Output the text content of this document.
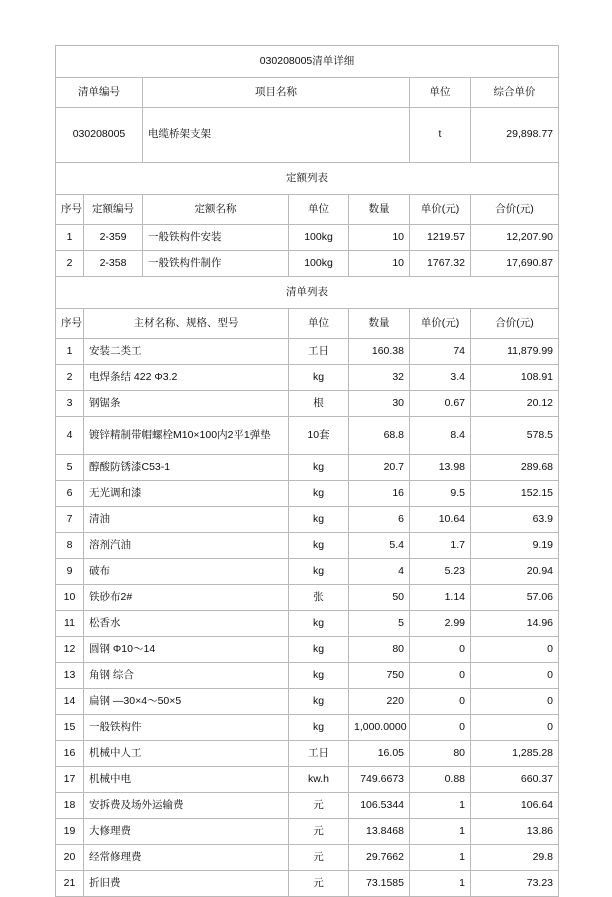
030208005清单详细						
清单编号		项目名称			单位	综合单价
030208005		电缆桥架支架			t	29,898.77
定额列表						
序号	定额编号	定额名称	单位	数量	单价(元)	合价(元)
1	2-359	一般铁构件安装	100kg	10	1219.57	12,207.90
2	2-358	一般铁构件制作	100kg	10	1767.32	17,690.87
清单列表						
序号	主材名称、规格、型号		单位	数量	单价(元)	合价(元)
1	安装二类工		工日	160.38	74	11,879.99
2	电焊条结 422 Φ3.2		kg	32	3.4	108.91
3	钢锯条		根	30	0.67	20.12
4	镀锌精制带帽螺栓M10×100内2平1弹垫		10套	68.8	8.4	578.5
5	醇酸防锈漆C53-1		kg	20.7	13.98	289.68
6	无光调和漆		kg	16	9.5	152.15
7	清油		kg	6	10.64	63.9
8	溶剂汽油		kg	5.4	1.7	9.19
9	破布		kg	4	5.23	20.94
10	铁砂布2#		张	50	1.14	57.06
11	松香水		kg	5	2.99	14.96
12	圆钢 Φ10～14		kg	80	0	0
13	角钢 综合		kg	750	0	0
14	扁钢 —30×4～50×5		kg	220	0	0
15	一般铁构件		kg	1,000.0000	0	0
16	机械中人工		工日	16.05	80	1,285.28
17	机械中电		kw.h	749.6673	0.88	660.37
18	安拆费及场外运输费		元	106.5344	1	106.64
19	大修理费		元	13.8468	1	13.86
20	经常修理费		元	29.7662	1	29.8
21	折旧费		元	73.1585	1	73.23
